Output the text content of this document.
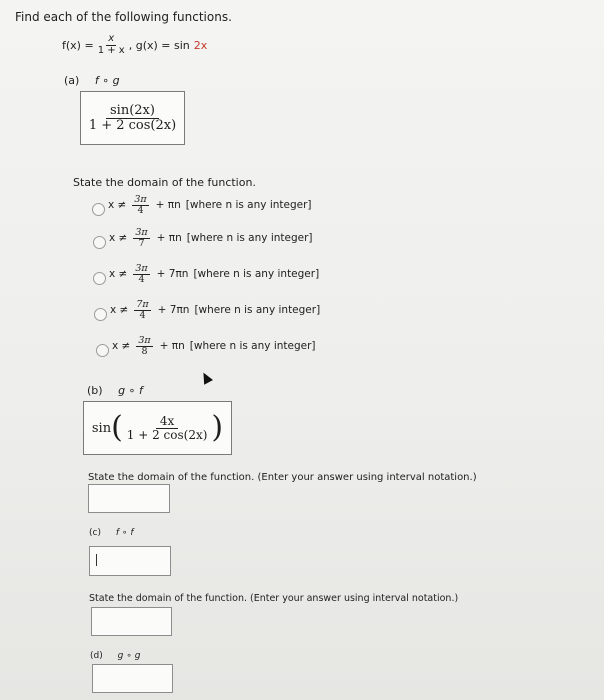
Find each of the following functions.
$f(x) = \frac{x}{1 + x}$ , g(x) = sin 2x
(a) f ∘ g
$\frac{\sin(2x)}{1 + 2 \cos(2x)}$
State the domain of the function.
$x \ne \frac{3\pi}{4} + \pi n$ [where n is any integer]
$x \ne \frac{3\pi}{7} + \pi n$ [where n is any integer]
$x \ne \frac{3\pi}{4} + 7\pi n$ [where n is any integer]
$x \ne \frac{7\pi}{4} + 7\pi n$ [where n is any integer]
$x \ne \frac{3\pi}{8} + \pi n$ [where n is any integer]
(b) g ∘ f
sin ( $\frac{4x}{1 + 2 \cos(2x)}$ )
State the domain of the function. (Enter your answer using interval notation.)
(c) f ∘ f
State the domain of the function. (Enter your answer using interval notation.)
(d) g ∘ g
